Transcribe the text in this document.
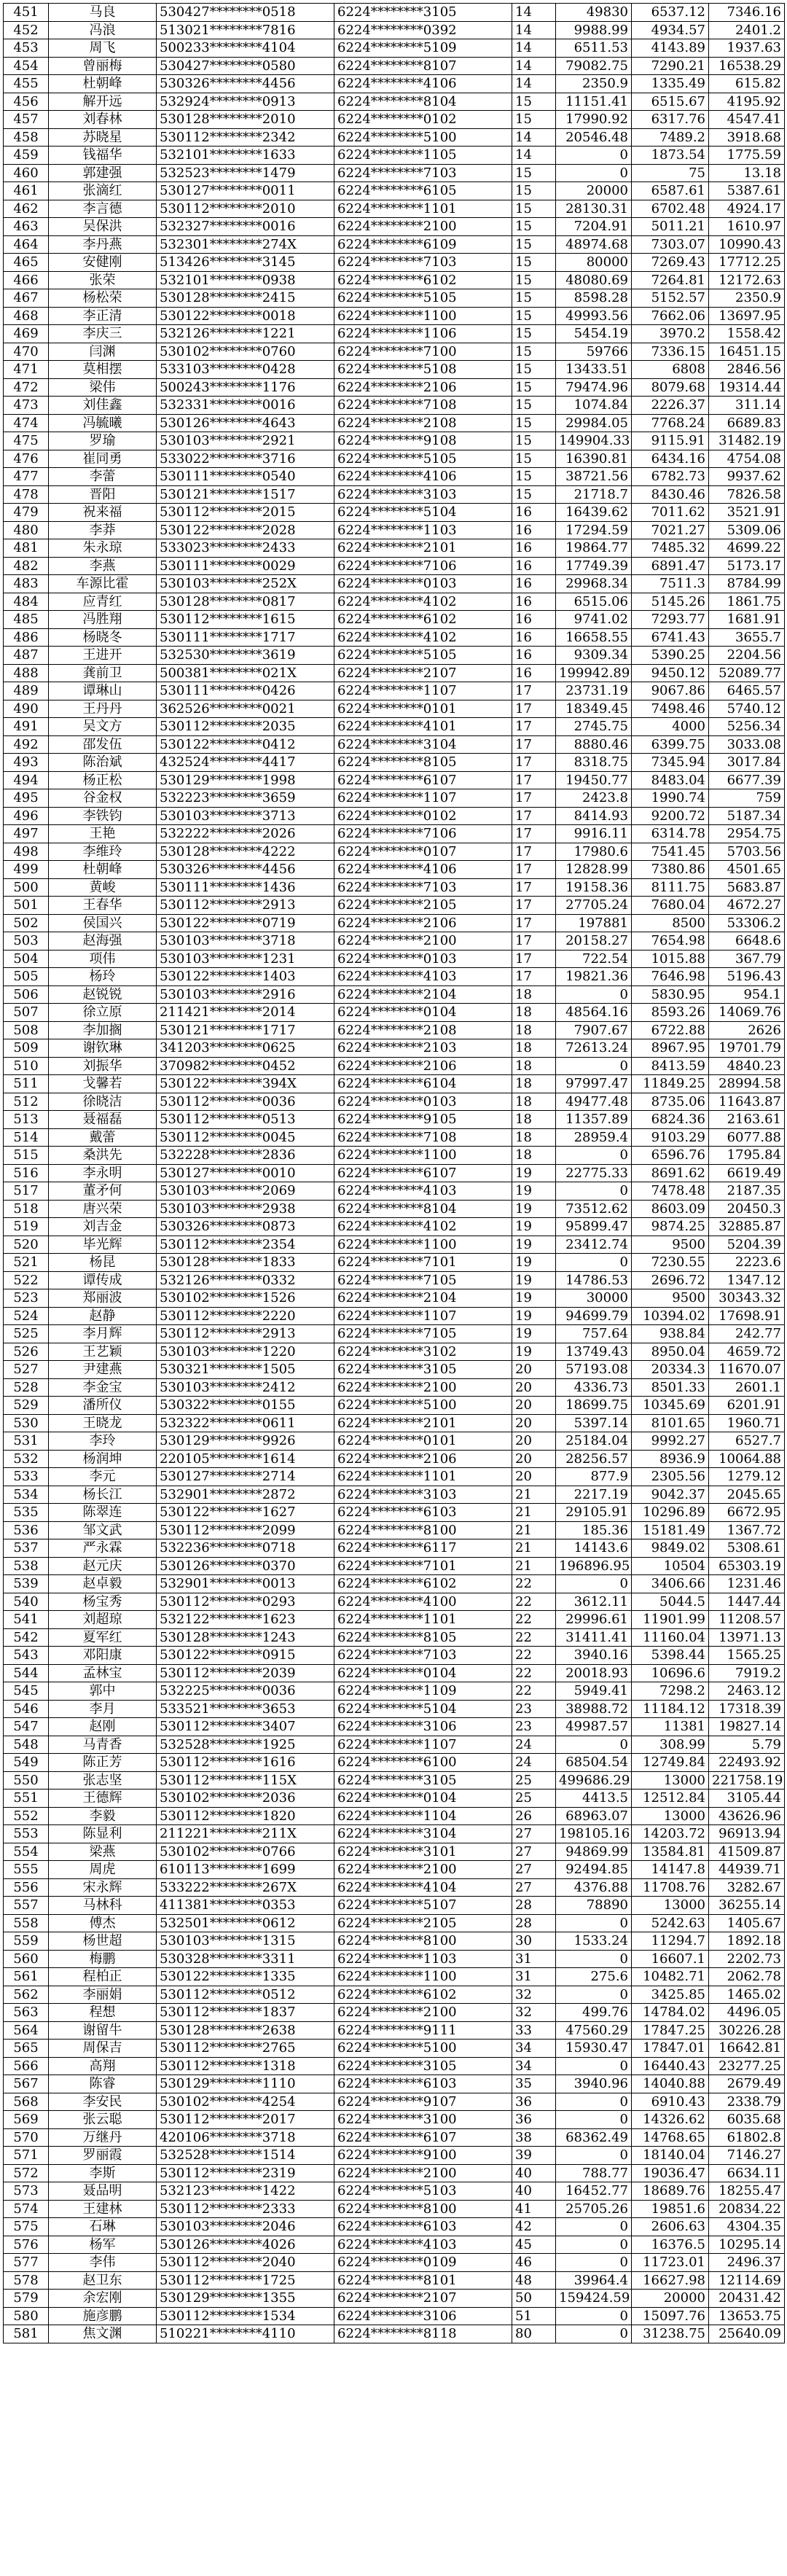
451	马良	530427********0518	6224********3105	14	49830	6537.12	7346.16
452	冯浪	513021********7816	6224********0392	14	9988.99	4934.57	2401.2
453	周飞	500233********4104	6224********5109	14	6511.53	4143.89	1937.63
454	曾丽梅	530427********0580	6224********8107	14	79082.75	7290.21	16538.29
455	杜朝峰	530326********4456	6224********4106	14	2350.9	1335.49	615.82
456	解开远	532924********0913	6224********8104	15	11151.41	6515.67	4195.92
457	刘春林	530128********2010	6224********0102	15	17990.92	6317.76	4547.41
458	苏晓星	530112********2342	6224********5100	14	20546.48	7489.2	3918.68
459	钱福华	532101********1633	6224********1105	14	0	1873.54	1775.59
460	郭建强	532523********1479	6224********7103	15	0	75	13.18
461	张滴红	530127********0011	6224********6105	15	20000	6587.61	5387.61
462	李言德	530112********2010	6224********1101	15	28130.31	6702.48	4924.17
463	吴保洪	532327********0016	6224********2100	15	7204.91	5011.21	1610.97
464	李丹燕	532301********274X	6224********6109	15	48974.68	7303.07	10990.43
465	安健刚	513426********3145	6224********7103	15	80000	7269.43	17712.25
466	张荣	532101********0938	6224********6102	15	48080.69	7264.81	12172.63
467	杨松荣	530128********2415	6224********5105	15	8598.28	5152.57	2350.9
468	李正清	530122********0018	6224********1100	15	49993.56	7662.06	13697.95
469	李庆三	532126********1221	6224********1106	15	5454.19	3970.2	1558.42
470	闫渊	530102********0760	6224********7100	15	59766	7336.15	16451.15
471	莫相摆	533103********0428	6224********5108	15	13433.51	6808	2846.56
472	梁伟	500243********1176	6224********2106	15	79474.96	8079.68	19314.44
473	刘佳鑫	532331********0016	6224********7108	15	1074.84	2226.37	311.14
474	冯毓曦	530126********4643	6224********2108	15	29984.05	7768.24	6689.83
475	罗瑜	530103********2921	6224********9108	15	149904.33	9115.91	31482.19
476	崔同勇	533022********3716	6224********5105	15	16390.81	6434.16	4754.08
477	李蕾	530111********0540	6224********4106	15	38721.56	6782.73	9937.62
478	晋阳	530121********1517	6224********3103	15	21718.7	8430.46	7826.58
479	祝来福	530112********2015	6224********5104	16	16439.62	7011.62	3521.91
480	李莽	530122********2028	6224********1103	16	17294.59	7021.27	5309.06
481	朱永琼	533023********2433	6224********2101	16	19864.77	7485.32	4699.22
482	李燕	530111********0029	6224********7106	16	17749.39	6891.47	5173.17
483	车源比霍	530103********252X	6224********0103	16	29968.34	7511.3	8784.99
484	应青红	530128********0817	6224********4102	16	6515.06	5145.26	1861.75
485	冯胜翔	530112********1615	6224********6102	16	9741.02	7293.77	1681.91
486	杨晓冬	530111********1717	6224********4102	16	16658.55	6741.43	3655.7
487	王进开	532530********3619	6224********5105	16	9309.34	5390.25	2204.56
488	龚前卫	500381********021X	6224********2107	16	199942.89	9450.12	52089.77
489	谭琳山	530111********0426	6224********1107	17	23731.19	9067.86	6465.57
490	王丹丹	362526********0021	6224********0101	17	18349.45	7498.46	5740.12
491	吴文方	530112********2035	6224********4101	17	2745.75	4000	5256.34
492	邵发伍	530122********0412	6224********3104	17	8880.46	6399.75	3033.08
493	陈治斌	432524********4417	6224********8105	17	8318.75	7345.94	3017.84
494	杨正松	530129********1998	6224********6107	17	19450.77	8483.04	6677.39
495	谷金权	532223********3659	6224********1107	17	2423.8	1990.74	759
496	李铁钧	530103********3713	6224********0102	17	8414.93	9200.72	5187.34
497	王艳	532222********2026	6224********7106	17	9916.11	6314.78	2954.75
498	李维玲	530128********4222	6224********0107	17	17980.6	7541.45	5703.56
499	杜朝峰	530326********4456	6224********4106	17	12828.99	7380.86	4501.65
500	黄峻	530111********1436	6224********7103	17	19158.36	8111.75	5683.87
501	王春华	530112********2913	6224********2105	17	27705.24	7680.04	4672.27
502	侯国兴	530122********0719	6224********2106	17	197881	8500	53306.2
503	赵海强	530103********3718	6224********2100	17	20158.27	7654.98	6648.6
504	项伟	530103********1231	6224********0103	17	722.54	1015.88	367.79
505	杨玲	530122********1403	6224********4103	17	19821.36	7646.98	5196.43
506	赵锐锐	530103********2916	6224********2104	18	0	5830.95	954.1
507	徐立原	211421********2014	6224********0104	18	48564.16	8593.26	14069.76
508	李加搁	530121********1717	6224********2108	18	7907.67	6722.88	2626
509	谢钦琳	341203********0625	6224********2103	18	72613.24	8967.95	19701.79
510	刘振华	370982********0452	6224********2106	18	0	8413.59	4840.23
511	戈馨若	530122********394X	6224********6104	18	97997.47	11849.25	28994.58
512	徐晓洁	530112********0036	6224********0103	18	49477.48	8735.06	11643.87
513	聂福磊	530112********0513	6224********9105	18	11357.89	6824.36	2163.61
514	戴蕾	530112********0045	6224********7108	18	28959.4	9103.29	6077.88
515	桑洪先	532228********2836	6224********1100	18	0	6596.76	1795.84
516	李永明	530127********0010	6224********6107	19	22775.33	8691.62	6619.49
517	董矛何	530103********2069	6224********4103	19	0	7478.48	2187.35
518	唐兴荣	530103********2938	6224********8104	19	73512.62	8603.09	20450.3
519	刘吉金	530326********0873	6224********4102	19	95899.47	9874.25	32885.87
520	毕光辉	530112********2354	6224********1100	19	23412.74	9500	5204.39
521	杨昆	530128********1833	6224********7101	19	0	7230.55	2223.6
522	谭传成	532126********0332	6224********7105	19	14786.53	2696.72	1347.12
523	郑丽波	530102********1526	6224********2104	19	30000	9500	30343.32
524	赵静	530112********2220	6224********1107	19	94699.79	10394.02	17698.91
525	李月辉	530112********2913	6224********7105	19	757.64	938.84	242.77
526	王艺颖	530103********1220	6224********3102	19	13749.43	8950.04	4659.72
527	尹建燕	530321********1505	6224********3105	20	57193.08	20334.3	11670.07
528	李金宝	530103********2412	6224********2100	20	4336.73	8501.33	2601.1
529	潘所仪	530322********0155	6224********5100	20	18699.75	10345.69	6201.91
530	王晓龙	532322********0611	6224********2101	20	5397.14	8101.65	1960.71
531	李玲	530129********9926	6224********0101	20	25184.04	9992.27	6527.7
532	杨润坤	220105********1614	6224********2106	20	28256.57	8936.9	10064.88
533	李元	530127********2714	6224********1101	20	877.9	2305.56	1279.12
534	杨长江	532901********2872	6224********3103	21	2217.19	9042.37	2045.65
535	陈翠连	530122********1627	6224********6103	21	29105.91	10296.89	6672.95
536	邹文武	530112********2099	6224********8100	21	185.36	15181.49	1367.72
537	严永霖	532236********0718	6224********6117	21	14143.6	9849.02	5308.61
538	赵元庆	530126********0370	6224********7101	21	196896.95	10504	65303.19
539	赵卓毅	532901********0013	6224********6102	22	0	3406.66	1231.46
540	杨宝秀	530112********0293	6224********4100	22	3612.11	5044.5	1447.44
541	刘超琼	532122********1623	6224********1101	22	29996.61	11901.99	11208.57
542	夏军红	530128********1243	6224********8105	22	31411.41	11160.04	13971.13
543	邓阳康	530122********0915	6224********7103	22	3940.16	5398.44	1565.25
544	孟林宝	530112********2039	6224********0104	22	20018.93	10696.6	7919.2
545	郭中	532225********0036	6224********1109	22	5949.41	7298.2	2463.12
546	李月	533521********3653	6224********5104	23	38988.72	11184.12	17318.39
547	赵刚	530112********3407	6224********3106	23	49987.57	11381	19827.14
548	马青香	532528********1925	6224********1107	24	0	308.99	5.79
549	陈正芳	530112********1616	6224********6100	24	68504.54	12749.84	22493.92
550	张志坚	530112********115X	6224********3105	25	499686.29	13000	221758.19
551	王德辉	530102********2036	6224********0104	25	4413.5	12512.84	3105.44
552	李毅	530112********1820	6224********1104	26	68963.07	13000	43626.96
553	陈显利	211221********211X	6224********3104	27	198105.16	14203.72	96913.94
554	梁燕	530102********0766	6224********3101	27	94869.99	13584.81	41509.87
555	周虎	610113********1699	6224********2100	27	92494.85	14147.8	44939.71
556	宋永辉	533222********267X	6224********4104	27	4376.88	11708.76	3282.67
557	马林科	411381********0353	6224********5107	28	78890	13000	36255.14
558	傅杰	532501********0612	6224********2105	28	0	5242.63	1405.67
559	杨世超	530103********1315	6224********8100	30	1533.24	11294.7	1892.18
560	梅鹏	530328********3311	6224********1103	31	0	16607.1	2202.73
561	程柏正	530122********1335	6224********1100	31	275.6	10482.71	2062.78
562	李丽娟	530112********0512	6224********6102	32	0	3425.85	1465.02
563	程想	530112********1837	6224********2100	32	499.76	14784.02	4496.05
564	谢留牛	530128********2638	6224********9111	33	47560.29	17847.25	30226.28
565	周保吉	530112********2765	6224********5100	34	15930.47	17847.01	16642.81
566	高翔	530112********1318	6224********3105	34	0	16440.43	23277.25
567	陈睿	530129********1110	6224********6103	35	3940.96	14040.88	2679.49
568	李安民	530102********4254	6224********9107	36	0	6910.43	2338.79
569	张云聪	530112********2017	6224********3100	36	0	14326.62	6035.68
570	万继丹	420106********3718	6224********6107	38	68362.49	14768.65	61802.8
571	罗丽霞	532528********1514	6224********9100	39	0	18140.04	7146.27
572	李斯	530112********2319	6224********2100	40	788.77	19036.47	6634.11
573	聂品明	532123********1422	6224********5103	40	16452.77	18689.76	18255.47
574	王建林	530112********2333	6224********8100	41	25705.26	19851.6	20834.22
575	石琳	530103********2046	6224********6103	42	0	2606.63	4304.35
576	杨军	530126********4026	6224********4103	45	0	16376.5	10295.14
577	李伟	530112********2040	6224********0109	46	0	11723.01	2496.37
578	赵卫东	530112********1725	6224********8101	48	39964.4	16627.98	12114.69
579	余宏刚	530129********1355	6224********2107	50	159424.59	20000	20431.42
580	施彦鹏	530112********1534	6224********3106	51	0	15097.76	13653.75
581	焦文渊	510221********4110	6224********8118	80	0	31238.75	25640.09
